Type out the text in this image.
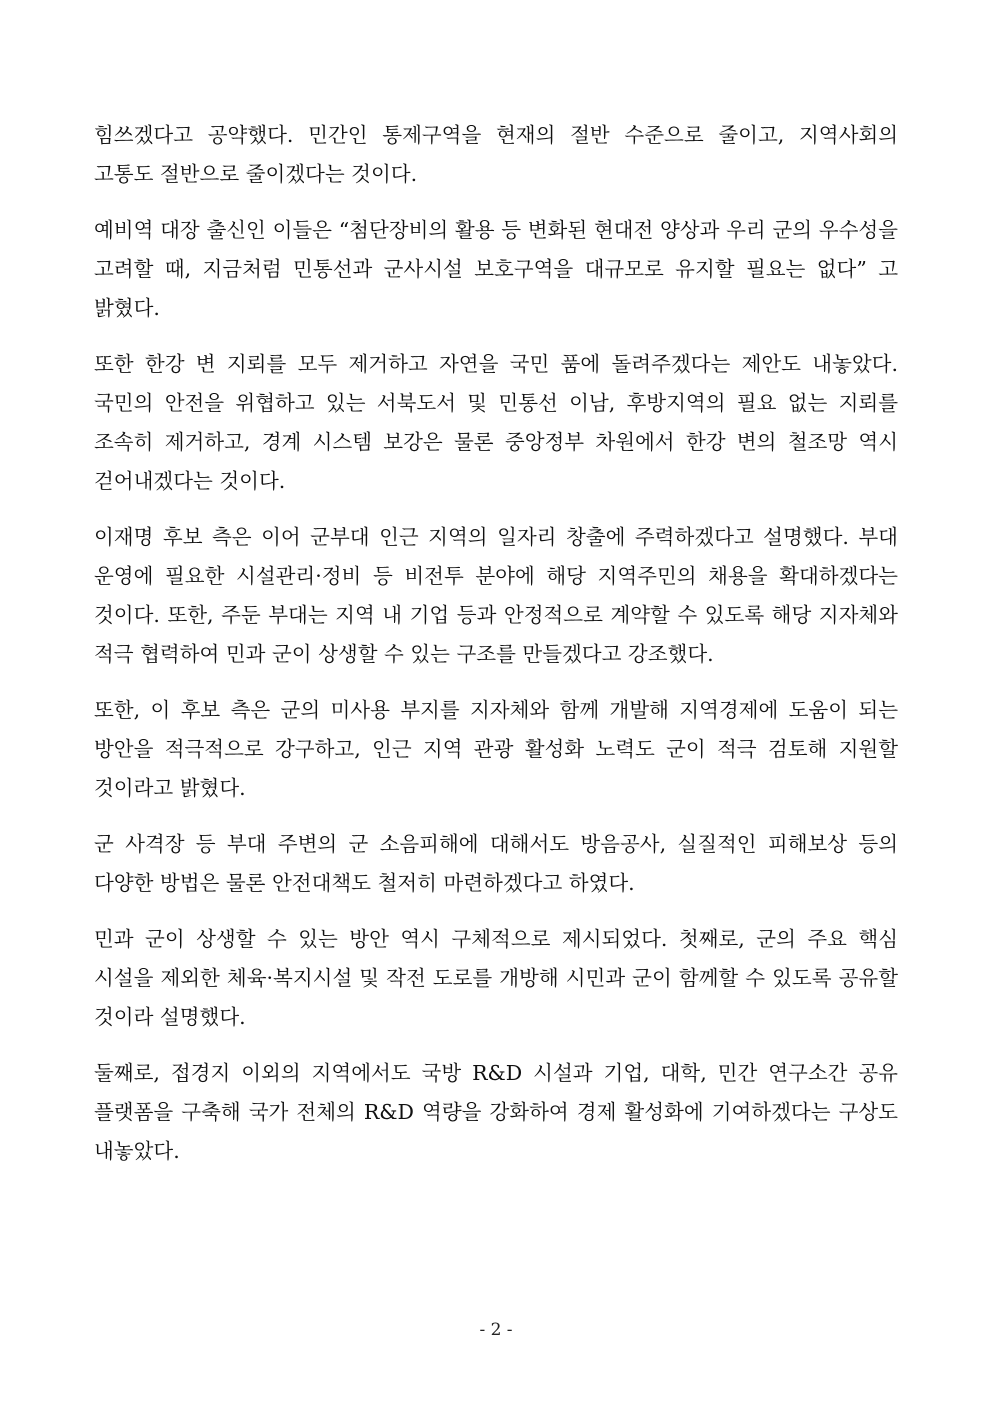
힘쓰겠다고 공약했다. 민간인 통제구역을 현재의 절반 수준으로 줄이고, 지역사회의 고통도 절반으로 줄이겠다는 것이다.

예비역 대장 출신인 이들은 “첨단장비의 활용 등 변화된 현대전 양상과 우리 군의 우수성을 고려할 때, 지금처럼 민통선과 군사시설 보호구역을 대규모로 유지할 필요는 없다” 고 밝혔다.

또한 한강 변 지뢰를 모두 제거하고 자연을 국민 품에 돌려주겠다는 제안도 내놓았다. 국민의 안전을 위협하고 있는 서북도서 및 민통선 이남, 후방지역의 필요 없는 지뢰를 조속히 제거하고, 경계 시스템 보강은 물론 중앙정부 차원에서 한강 변의 철조망 역시 걷어내겠다는 것이다.

이재명 후보 측은 이어 군부대 인근 지역의 일자리 창출에 주력하겠다고 설명했다. 부대 운영에 필요한 시설관리·정비 등 비전투 분야에 해당 지역주민의 채용을 확대하겠다는 것이다. 또한, 주둔 부대는 지역 내 기업 등과 안정적으로 계약할 수 있도록 해당 지자체와 적극 협력하여 민과 군이 상생할 수 있는 구조를 만들겠다고 강조했다.

또한, 이 후보 측은 군의 미사용 부지를 지자체와 함께 개발해 지역경제에 도움이 되는 방안을 적극적으로 강구하고, 인근 지역 관광 활성화 노력도 군이 적극 검토해 지원할 것이라고 밝혔다.

군 사격장 등 부대 주변의 군 소음피해에 대해서도 방음공사, 실질적인 피해보상 등의 다양한 방법은 물론 안전대책도 철저히 마련하겠다고 하였다.

민과 군이 상생할 수 있는 방안 역시 구체적으로 제시되었다. 첫째로, 군의 주요 핵심 시설을 제외한 체육·복지시설 및 작전 도로를 개방해 시민과 군이 함께할 수 있도록 공유할 것이라 설명했다.

둘째로, 접경지 이외의 지역에서도 국방 R&D 시설과 기업, 대학, 민간 연구소간 공유 플랫폼을 구축해 국가 전체의 R&D 역량을 강화하여 경제 활성화에 기여하겠다는 구상도 내놓았다.

- 2 -
